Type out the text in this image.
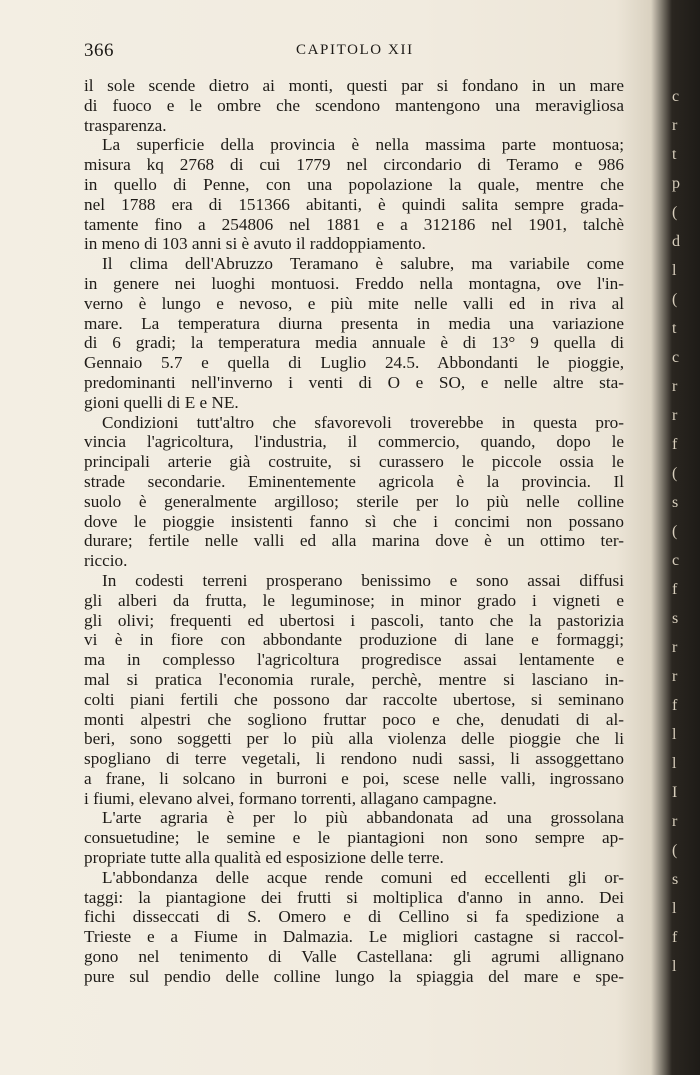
366	CAPITOLO XII
il sole scende dietro ai monti, questi par si fondano in un mare
di fuoco e le ombre che scendono mantengono una meravigliosa
trasparenza.
La superficie della provincia è nella massima parte montuosa;
misura kq 2768 di cui 1779 nel circondario di Teramo e 986
in quello di Penne, con una popolazione la quale, mentre che
nel 1788 era di 151366 abitanti, è quindi salita sempre grada-
tamente fino a 254806 nel 1881 e a 312186 nel 1901, talchè
in meno di 103 anni si è avuto il raddoppiamento.
Il clima dell'Abruzzo Teramano è salubre, ma variabile come
in genere nei luoghi montuosi. Freddo nella montagna, ove l'in-
verno è lungo e nevoso, e più mite nelle valli ed in riva al
mare. La temperatura diurna presenta in media una variazione
di 6 gradi; la temperatura media annuale è di 13° 9 quella di
Gennaio 5.7 e quella di Luglio 24.5. Abbondanti le pioggie,
predominanti nell'inverno i venti di O e SO, e nelle altre sta-
gioni quelli di E e NE.
Condizioni tutt'altro che sfavorevoli troverebbe in questa pro-
vincia l'agricoltura, l'industria, il commercio, quando, dopo le
principali arterie già costruite, si curassero le piccole ossia le
strade secondarie. Eminentemente agricola è la provincia. Il
suolo è generalmente argilloso; sterile per lo più nelle colline
dove le pioggie insistenti fanno sì che i concimi non possano
durare; fertile nelle valli ed alla marina dove è un ottimo ter-
riccio.
In codesti terreni prosperano benissimo e sono assai diffusi
gli alberi da frutta, le leguminose; in minor grado i vigneti e
gli olivi; frequenti ed ubertosi i pascoli, tanto che la pastorizia
vi è in fiore con abbondante produzione di lane e formaggi;
ma in complesso l'agricoltura progredisce assai lentamente e
mal si pratica l'economia rurale, perchè, mentre si lasciano in-
colti piani fertili che possono dar raccolte ubertose, si seminano
monti alpestri che sogliono fruttar poco e che, denudati di al-
beri, sono soggetti per lo più alla violenza delle pioggie che li
spogliano di terre vegetali, li rendono nudi sassi, li assoggettano
a frane, li solcano in burroni e poi, scese nelle valli, ingrossano
i fiumi, elevano alvei, formano torrenti, allagano campagne.
L'arte agraria è per lo più abbandonata ad una grossolana
consuetudine; le semine e le piantagioni non sono sempre ap-
propriate tutte alla qualità ed esposizione delle terre.
L'abbondanza delle acque rende comuni ed eccellenti gli or-
taggi: la piantagione dei frutti si moltiplica d'anno in anno. Dei
fichi disseccati di S. Omero e di Cellino si fa spedizione a
Trieste e a Fiume in Dalmazia. Le migliori castagne si raccol-
gono nel tenimento di Valle Castellana: gli agrumi allignano
pure sul pendio delle colline lungo la spiaggia del mare e spe-
c
r
t
p
(
d
l
(
t
c
r
r
f
(
s
(
c
f
s
r
r
f
l
l
I
r
(
s
l
f
l
